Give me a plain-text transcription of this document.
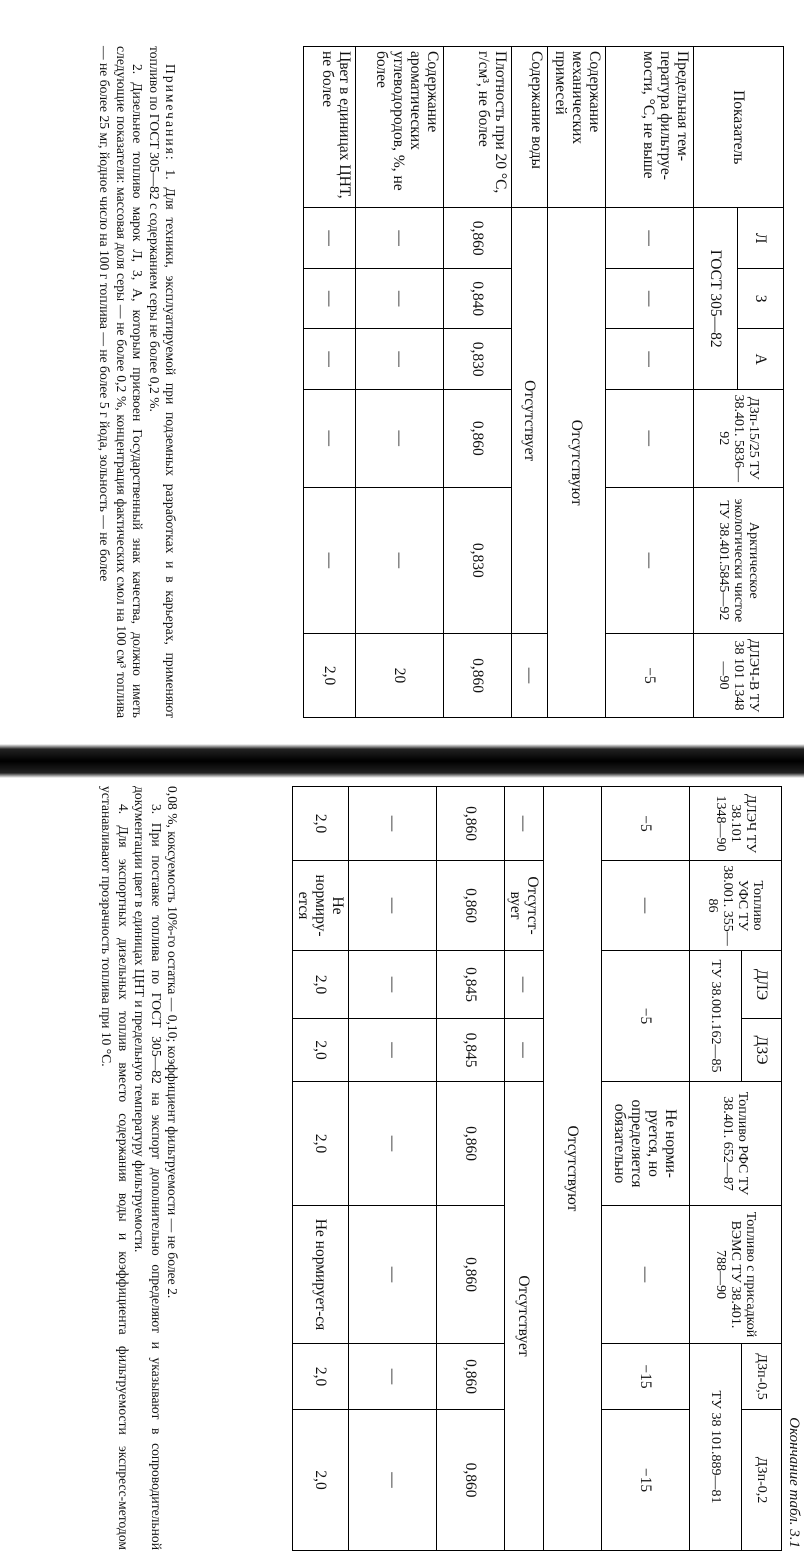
Показатель	Л	З	А	ДЗп-15/25 ТУ 38.401. 5836—92	Арктическое экологически чистое ТУ 38.401.5845—92	ДЛЭЧ-В ТУ 38 101 1348—90
	ГОСТ 305—82					
Предельная тем-пература фильтруе-мости, °С, не выше	—	—	—	—	—	−5
Содержание механических примесей	Отсутствуют					
Содержание воды	Отсутствует					—
Плотность при 20 °С, г/см³, не более	0,860	0,840	0,830	0,860	0,830	0,860
Содержание ароматических углеводородов, %, не более	—	—	—	—	—	20
Цвет в единицах ЦНТ, не более	—	—	—	—	—	2,0

Примечания: 1. Для техники, эксплуатируемой при подземных разработках и в карьерах, применяют топливо по ГОСТ 305—82 с содержанием серы не более 0,2 %.

2. Дизельное топливо марок Л, З, А, которым присвоен Государственный знак качества, должно иметь следующие показатели: массовая доля серы — не более 0,2 %, концентрация фактических смол на 100 см³ топлива — не более 25 мг, йодное число на 100 г топлива — не более 5 г йода, зольность — не более

Окончание табл. 3.1
ДЛЭЧ ТУ 38.101 1348—90	Топливо УФС ТУ 38.001. 355—86	ДЛЭ	ДЗЭ	Топливо РФС ТУ 38.401. 652—87	Топливо с присадкой ВЭМС ТУ 38.401. 788—90	ДЗп-0,5	ДЗп-0,2
		ТУ 38.001.162—85				ТУ 38 101.889—81	
−5	—	−5		Не норми-руется, но определяется обязательно	—	−15	−15
Отсутствуют							
—	Отсутст-вует	—	—	Отсутствует			
0,860	0,860	0,845	0,845	0,860	0,860	0,860	0,860
—	—	—	—	—	—	—	—
2,0	Не нормиру-ется	2,0	2,0	2,0	Не нормирует-ся	2,0	2,0

0,08 %, коксуемость 10%-го остатка — 0,10; коэффициент фильтруемости — не более 2.

3. При поставке топлива по ГОСТ 305—82 на экспорт дополнительно определяют и указывают в сопроводительной документации цвет в единицах ЦНТ и предельную температуру фильтруемости.

4. Для экспортных дизельных топлив вместо содержания воды и коэффициента фильтруемости экспресс-методом устанавливают прозрачность топлива при 10 °С.
